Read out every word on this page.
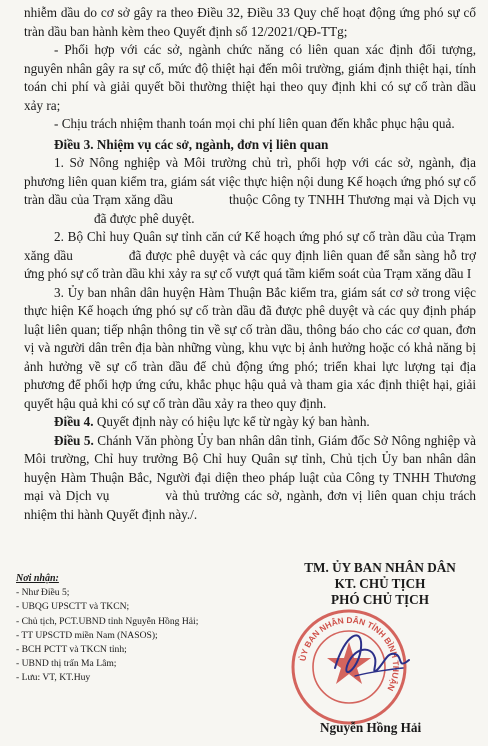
nhiễm dầu do cơ sở gây ra theo Điều 32, Điều 33 Quy chế hoạt động ứng phó sự cố tràn dầu ban hành kèm theo Quyết định số 12/2021/QĐ-TTg;

- Phối hợp với các sở, ngành chức năng có liên quan xác định đối tượng, nguyên nhân gây ra sự cố, mức độ thiệt hại đến môi trường, giám định thiệt hại, tính toán chi phí và giải quyết bồi thường thiệt hại theo quy định khi có sự cố tràn dầu xảy ra;

- Chịu trách nhiệm thanh toán mọi chi phí liên quan đến khắc phục hậu quả.

Điều 3. Nhiệm vụ các sở, ngành, đơn vị liên quan

1. Sở Nông nghiệp và Môi trường chủ trì, phối hợp với các sở, ngành, địa phương liên quan kiểm tra, giám sát việc thực hiện nội dung Kế hoạch ứng phó sự cố tràn dầu của Trạm xăng dầu	thuộc Công ty TNHH Thương mại và Dịch vụđã được phê duyệt.

2. Bộ Chỉ huy Quân sự tỉnh căn cứ Kế hoạch ứng phó sự cố tràn dầu của Trạm xăng dầu	đã được phê duyệt và các quy định liên quan để sẵn sàng hỗ trợ ứng phó sự cố tràn dầu khi xảy ra sự cố vượt quá tầm kiểm soát của Trạm xăng dầu I

3. Ủy ban nhân dân huyện Hàm Thuận Bắc kiểm tra, giám sát cơ sở trong việc thực hiện Kế hoạch ứng phó sự cố tràn dầu đã được phê duyệt và các quy định pháp luật liên quan; tiếp nhận thông tin về sự cố tràn dầu, thông báo cho các cơ quan, đơn vị và người dân trên địa bàn những vùng, khu vực bị ảnh hưởng hoặc có khả năng bị ảnh hưởng về sự cố tràn dầu để chủ động ứng phó; triển khai lực lượng tại địa phương để phối hợp ứng cứu, khắc phục hậu quả và tham gia xác định thiệt hại, giải quyết hậu quả khi có sự cố tràn dầu xảy ra theo quy định.

Điều 4. Quyết định này có hiệu lực kể từ ngày ký ban hành.

Điều 5. Chánh Văn phòng Ủy ban nhân dân tỉnh, Giám đốc Sở Nông nghiệp và Môi trường, Chỉ huy trưởng Bộ Chỉ huy Quân sự tỉnh, Chủ tịch Ủy ban nhân dân huyện Hàm Thuận Bắc, Người đại diện theo pháp luật của Công ty TNHH Thương mại và Dịch vụ	và thủ trưởng các sở, ngành, đơn vị liên quan chịu trách nhiệm thi hành Quyết định này./.

Nơi nhận:
- Như Điều 5;
- UBQG UPSCTT và TKCN;
- Chủ tịch, PCT.UBND tỉnh Nguyễn Hồng Hải;
- TT UPSCTD miền Nam (NASOS);
- BCH PCTT và TKCN tỉnh;
- UBND thị trấn Ma Lâm;
- Lưu: VT, KT.Huy
TM. ỦY BAN NHÂN DÂN
KT. CHỦ TỊCH
PHÓ CHỦ TỊCH
ỦY BAN NHÂN DÂN TỈNH BÌNH THUẬN
Nguyễn Hồng Hải
